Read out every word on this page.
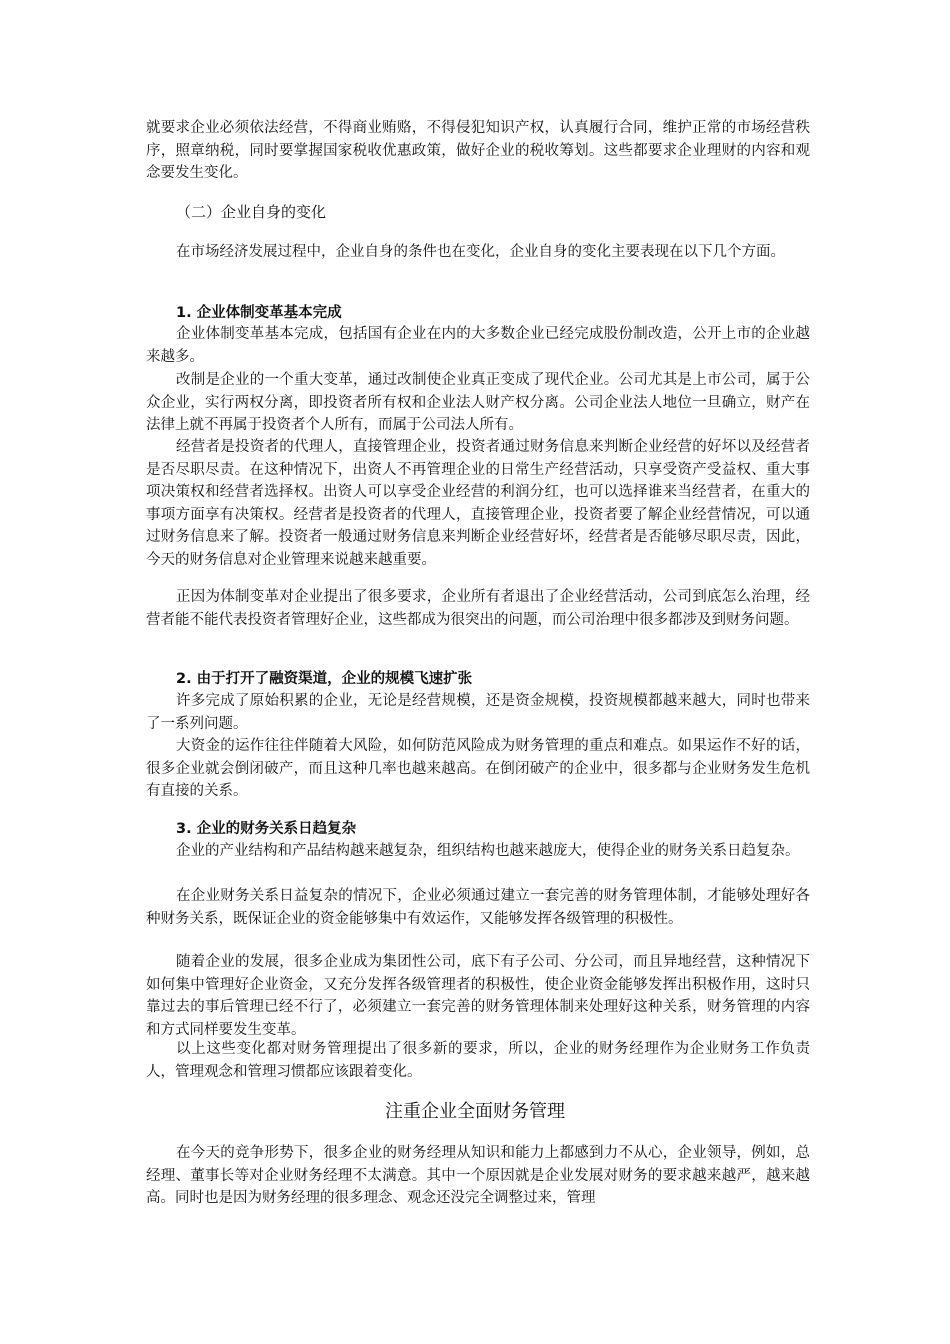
就要求企业必须依法经营，不得商业贿赂，不得侵犯知识产权，认真履行合同，维护正常的市场经营秩序，照章纳税，同时要掌握国家税收优惠政策，做好企业的税收筹划。这些都要求企业理财的内容和观念要发生变化。

（二）企业自身的变化

在市场经济发展过程中，企业自身的条件也在变化，企业自身的变化主要表现在以下几个方面。

1. 企业体制变革基本完成

企业体制变革基本完成，包括国有企业在内的大多数企业已经完成股份制改造，公开上市的企业越来越多。

改制是企业的一个重大变革，通过改制使企业真正变成了现代企业。公司尤其是上市公司，属于公众企业，实行两权分离，即投资者所有权和企业法人财产权分离。公司企业法人地位一旦确立，财产在法律上就不再属于投资者个人所有，而属于公司法人所有。

经营者是投资者的代理人，直接管理企业，投资者通过财务信息来判断企业经营的好坏以及经营者是否尽职尽责。在这种情况下，出资人不再管理企业的日常生产经营活动，只享受资产受益权、重大事项决策权和经营者选择权。出资人可以享受企业经营的利润分红，也可以选择谁来当经营者，在重大的事项方面享有决策权。经营者是投资者的代理人，直接管理企业，投资者要了解企业经营情况，可以通过财务信息来了解。投资者一般通过财务信息来判断企业经营好坏，经营者是否能够尽职尽责，因此，今天的财务信息对企业管理来说越来越重要。

正因为体制变革对企业提出了很多要求，企业所有者退出了企业经营活动，公司到底怎么治理，经营者能不能代表投资者管理好企业，这些都成为很突出的问题，而公司治理中很多都涉及到财务问题。

2. 由于打开了融资渠道，企业的规模飞速扩张

许多完成了原始积累的企业，无论是经营规模，还是资金规模，投资规模都越来越大，同时也带来了一系列问题。

大资金的运作往往伴随着大风险，如何防范风险成为财务管理的重点和难点。如果运作不好的话，很多企业就会倒闭破产，而且这种几率也越来越高。在倒闭破产的企业中，很多都与企业财务发生危机有直接的关系。

3. 企业的财务关系日趋复杂

企业的产业结构和产品结构越来越复杂，组织结构也越来越庞大，使得企业的财务关系日趋复杂。

在企业财务关系日益复杂的情况下，企业必须通过建立一套完善的财务管理体制，才能够处理好各种财务关系，既保证企业的资金能够集中有效运作，又能够发挥各级管理的积极性。

随着企业的发展，很多企业成为集团性公司，底下有子公司、分公司，而且异地经营，这种情况下如何集中管理好企业资金，又充分发挥各级管理者的积极性，使企业资金能够发挥出积极作用，这时只靠过去的事后管理已经不行了，必须建立一套完善的财务管理体制来处理好这种关系，财务管理的内容和方式同样要发生变革。

以上这些变化都对财务管理提出了很多新的要求，所以，企业的财务经理作为企业财务工作负责人，管理观念和管理习惯都应该跟着变化。

注重企业全面财务管理

在今天的竞争形势下，很多企业的财务经理从知识和能力上都感到力不从心，企业领导，例如，总经理、董事长等对企业财务经理不太满意。其中一个原因就是企业发展对财务的要求越来越严，越来越高。同时也是因为财务经理的很多理念、观念还没完全调整过来，管理
